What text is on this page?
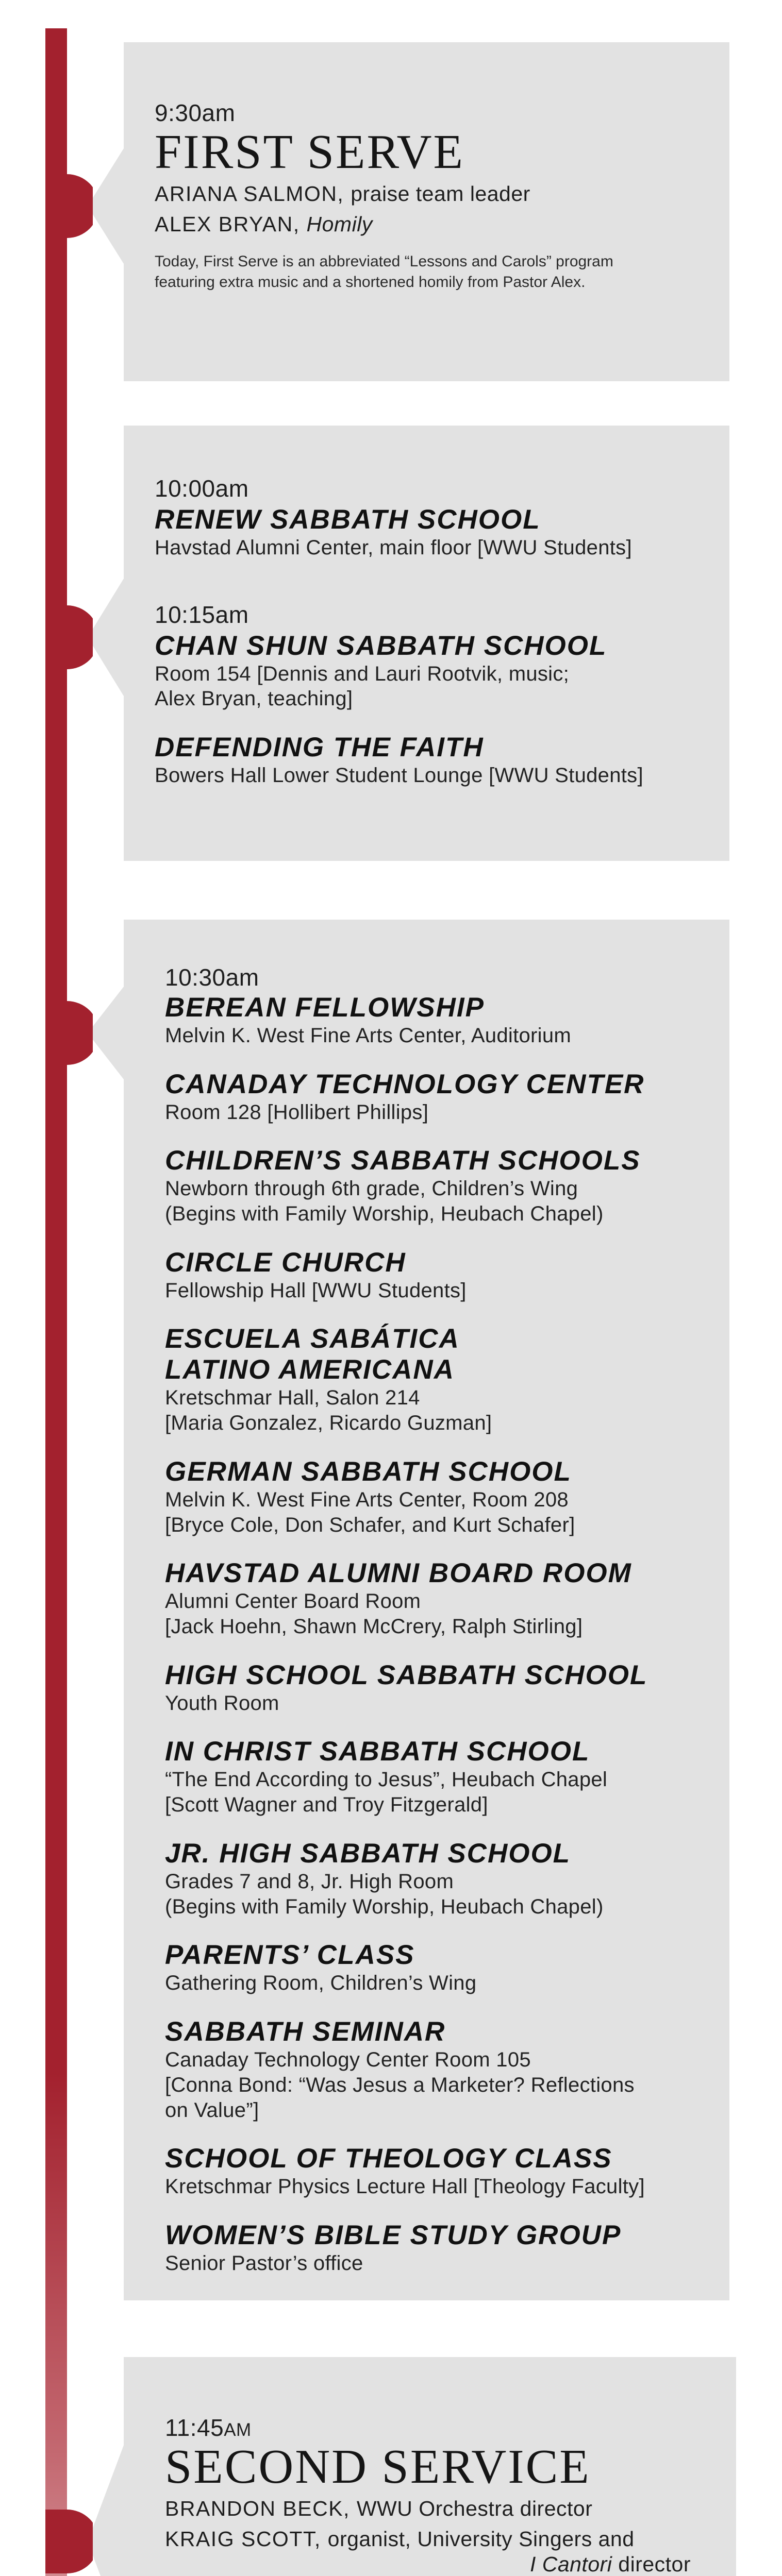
9:30am
FIRST SERVE
ARIANA SALMON, praise team leader
ALEX BRYAN, Homily
Today, First Serve is an abbreviated “Lessons and Carols” program
featuring extra music and a shortened homily from Pastor Alex.
10:00am
RENEW SABBATH SCHOOL
Havstad Alumni Center, main floor [WWU Students]
10:15am
CHAN SHUN SABBATH SCHOOL
Room 154 [Dennis and Lauri Rootvik, music;
Alex Bryan, teaching]
DEFENDING THE FAITH
Bowers Hall Lower Student Lounge [WWU Students]
10:30am
BEREAN FELLOWSHIP
Melvin K. West Fine Arts Center, Auditorium
CANADAY TECHNOLOGY CENTER
Room 128 [Hollibert Phillips]
CHILDREN’S SABBATH SCHOOLS
Newborn through 6th grade, Children’s Wing
(Begins with Family Worship, Heubach Chapel)
CIRCLE CHURCH
Fellowship Hall [WWU Students]
ESCUELA SABÁTICA
LATINO AMERICANA
Kretschmar Hall, Salon 214
[Maria Gonzalez, Ricardo Guzman]
GERMAN SABBATH SCHOOL
Melvin K. West Fine Arts Center, Room 208
[Bryce Cole, Don Schafer, and Kurt Schafer]
HAVSTAD ALUMNI BOARD ROOM
Alumni Center Board Room
[Jack Hoehn, Shawn McCrery, Ralph Stirling]
HIGH SCHOOL SABBATH SCHOOL
Youth Room
IN CHRIST SABBATH SCHOOL
“The End According to Jesus”, Heubach Chapel
[Scott Wagner and Troy Fitzgerald]
JR. HIGH SABBATH SCHOOL
Grades 7 and 8, Jr. High Room
(Begins with Family Worship, Heubach Chapel)
PARENTS’ CLASS
Gathering Room, Children’s Wing
SABBATH SEMINAR
Canaday Technology Center Room 105
[Conna Bond: “Was Jesus a Marketer? Reflections
on Value”]
SCHOOL OF THEOLOGY CLASS
Kretschmar Physics Lecture Hall [Theology Faculty]
WOMEN’S BIBLE STUDY GROUP
Senior Pastor’s office
11:45AM
SECOND SERVICE
BRANDON BECK, WWU Orchestra director
KRAIG SCOTT, organist, University Singers and
I Cantori director
